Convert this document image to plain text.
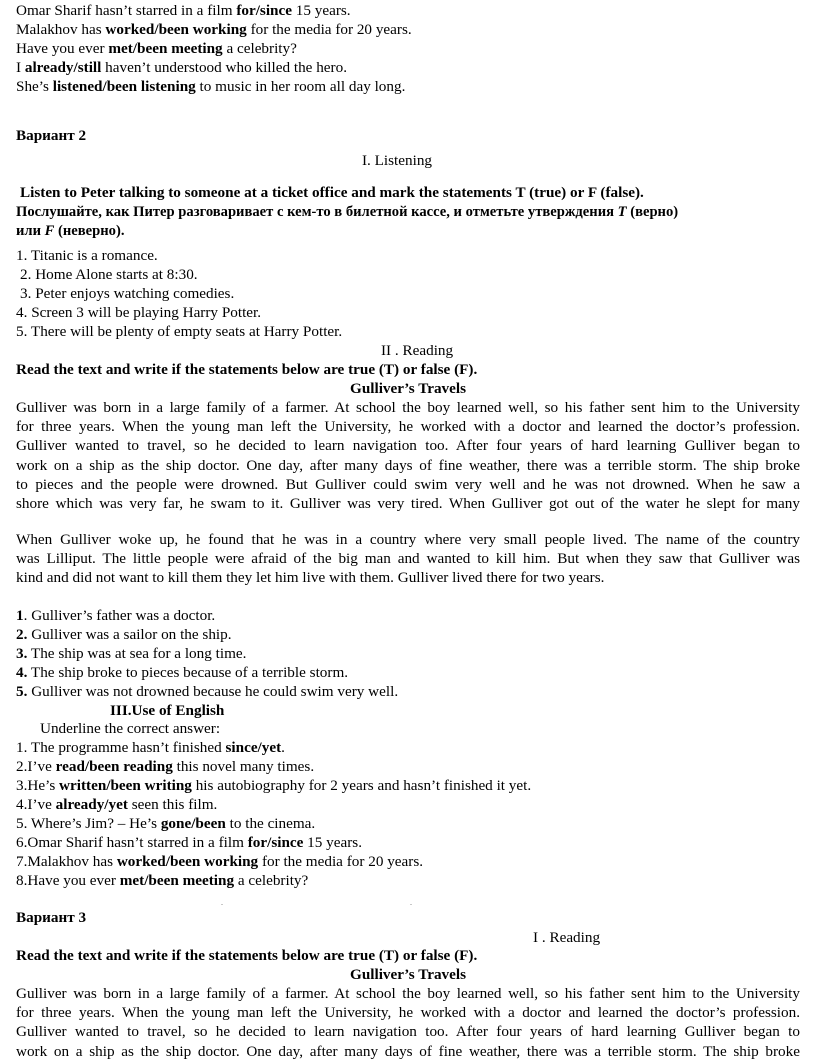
Omar Sharif hasn’t starred in a film for/since 15 years.
Malakhov has worked/been working for the media for 20 years.
Have you ever met/been meeting a celebrity?
I already/still haven’t understood who killed the hero.
She’s listened/been listening to music in her room all day long.
Вариант 2
I. Listening
Listen to Peter talking to someone at a ticket office and mark the statements T (true) or F (false).
Послушайте, как Питер разговаривает с кем-то в билетной кассе, и отметьте утверждения T (верно)
или F (неверно).
1. Titanic is a romance.
2. Home Alone starts at 8:30.
3. Peter enjoys watching comedies.
4. Screen 3 will be playing Harry Potter.
5. There will be plenty of empty seats at Harry Potter.
II . Reading
Read the text and write if the statements below are true (T) or false (F).
Gulliver’s Travels
Gulliver was born in a large family of a farmer. At school the boy learned well, so his father sent him to the University
for three years. When the young man left the University, he worked with a doctor and learned the doctor’s profession.
Gulliver wanted to travel, so he decided to learn navigation too. After four years of hard learning Gulliver began to
work on a ship as the ship doctor. One day, after many days of fine weather, there was a terrible storm. The ship broke
to pieces and the people were drowned. But Gulliver could swim very well and he was not drowned. When he saw a
shore which was very far, he swam to it. Gulliver was very tired. When Gulliver got out of the water he slept for many
When Gulliver woke up, he found that he was in a country where very small people lived. The name of the country
was Lilliput. The little people were afraid of the big man and wanted to kill him. But when they saw that Gulliver was
kind and did not want to kill them they let him live with them. Gulliver lived there for two years.
1. Gulliver’s father was a doctor.
2. Gulliver was a sailor on the ship.
3. The ship was at sea for a long time.
4. The ship broke to pieces because of a terrible storm.
5. Gulliver was not drowned because he could swim very well.
III.Use of English
Underline the correct answer:
1. The programme hasn’t finished since/yet.
2.I’ve read/been reading this novel many times.
3.He’s written/been writing his autobiography for 2 years and hasn’t finished it yet.
4.I’ve already/yet seen this film.
5. Where’s Jim? – He’s gone/been to the cinema.
6.Omar Sharif hasn’t starred in a film for/since 15 years.
7.Malakhov has worked/been working for the media for 20 years.
8.Have you ever met/been meeting a celebrity?
Вариант 3
I . Reading
Read the text and write if the statements below are true (T) or false (F).
Gulliver’s Travels
Gulliver was born in a large family of a farmer. At school the boy learned well, so his father sent him to the University
for three years. When the young man left the University, he worked with a doctor and learned the doctor’s profession.
Gulliver wanted to travel, so he decided to learn navigation too. After four years of hard learning Gulliver began to
work on a ship as the ship doctor. One day, after many days of fine weather, there was a terrible storm. The ship broke
